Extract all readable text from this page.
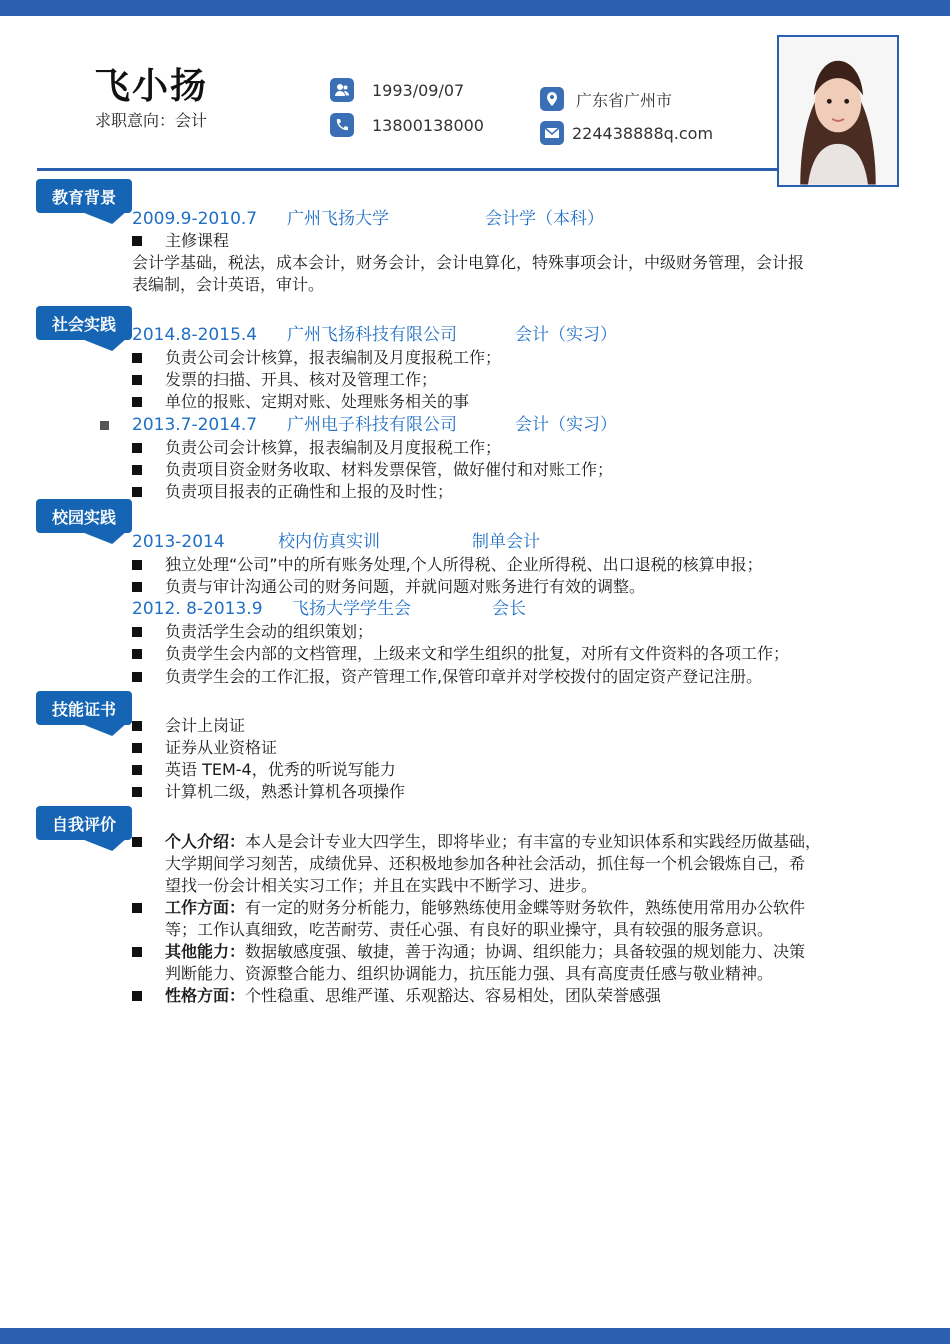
飞小扬
求职意向：会计
1993/09/07
13800138000
广东省广州市
224438888q.com
教育背景
2009.9-2010.7 广州飞扬大学	会计学（本科）
主修课程
会计学基础，税法，成本会计，财务会计，会计电算化，特殊事项会计，中级财务管理，会计报
表编制，会计英语，审计。
社会实践
2014.8-2015.4 广州飞扬科技有限公司	会计（实习）
负责公司会计核算，报表编制及月度报税工作；
发票的扫描、开具、核对及管理工作；
单位的报账、定期对账、处理账务相关的事
2013.7-2014.7 广州电子科技有限公司	会计（实习）
负责公司会计核算，报表编制及月度报税工作；
负责项目资金财务收取、材料发票保管，做好催付和对账工作；
负责项目报表的正确性和上报的及时性；
校园实践
2013-2014	校内仿真实训	制单会计
独立处理“公司”中的所有账务处理,个人所得税、企业所得税、出口退税的核算申报；
负责与审计沟通公司的财务问题，并就问题对账务进行有效的调整。
2012. 8-2013.9 飞扬大学学生会	会长
负责活学生会动的组织策划；
负责学生会内部的文档管理，上级来文和学生组织的批复，对所有文件资料的各项工作；
负责学生会的工作汇报，资产管理工作,保管印章并对学校拨付的固定资产登记注册。
技能证书
会计上岗证
证券从业资格证
英语 TEM-4，优秀的听说写能力
计算机二级，熟悉计算机各项操作
自我评价
个人介绍：本人是会计专业大四学生，即将毕业；有丰富的专业知识体系和实践经历做基础，
大学期间学习刻苦，成绩优异、还积极地参加各种社会活动，抓住每一个机会锻炼自己，希
望找一份会计相关实习工作；并且在实践中不断学习、进步。
工作方面：有一定的财务分析能力，能够熟练使用金蝶等财务软件，熟练使用常用办公软件
等；工作认真细致，吃苦耐劳、责任心强、有良好的职业操守，具有较强的服务意识。
其他能力：数据敏感度强、敏捷，善于沟通；协调、组织能力；具备较强的规划能力、决策
判断能力、资源整合能力、组织协调能力，抗压能力强、具有高度责任感与敬业精神。
性格方面：个性稳重、思维严谨、乐观豁达、容易相处，团队荣誉感强
